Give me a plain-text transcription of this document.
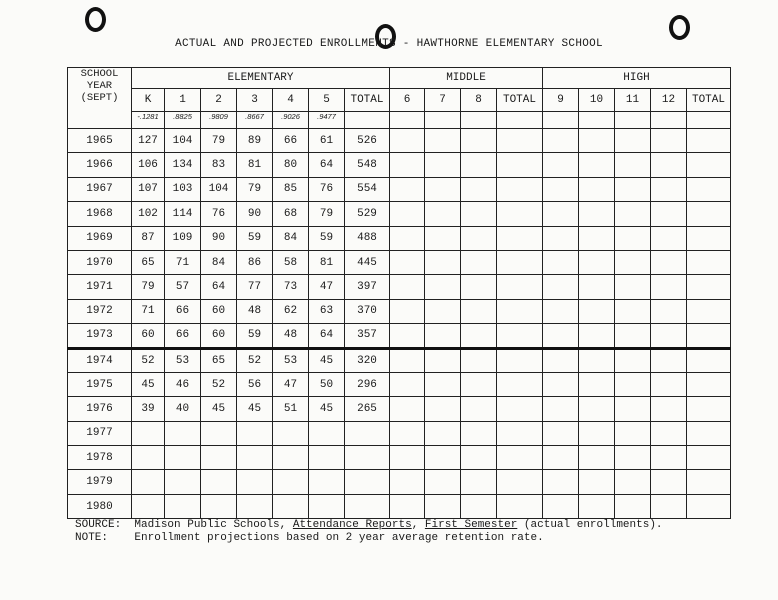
ACTUAL AND PROJECTED ENROLLMENTS - HAWTHORNE ELEMENTARY SCHOOL
SCHOOL
YEAR
(SEPT)	ELEMENTARY							MIDDLE				HIGH				
	K	1	2	3	4	5	TOTAL	6	7	8	TOTAL	9	10	11	12	TOTAL
	-.1281	.8825	.9809	.8667	.9026	.9477										
1965	127	104	79	89	66	61	526									
1966	106	134	83	81	80	64	548									
1967	107	103	104	79	85	76	554									
1968	102	114	76	90	68	79	529									
1969	87	109	90	59	84	59	488									
1970	65	71	84	86	58	81	445									
1971	79	57	64	77	73	47	397									
1972	71	66	60	48	62	63	370									
1973	60	66	60	59	48	64	357									
1974	52	53	65	52	53	45	320									
1975	45	46	52	56	47	50	296									
1976	39	40	45	45	51	45	265									
1977																
1978																
1979																
1980																
SOURCE: Madison Public Schools, Attendance Reports, First Semester (actual enrollments).
NOTE: Enrollment projections based on 2 year average retention rate.
